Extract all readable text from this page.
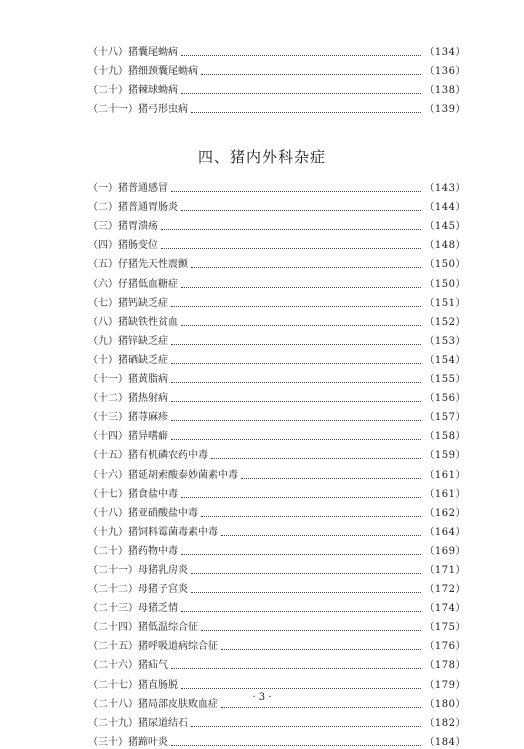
（十八） 猪囊尾蚴病	（134）
（十九） 猪细颈囊尾蚴病	（136）
（二十） 猪棘球蚴病	（138）
（二十一） 猪弓形虫病	（139）
四、猪内外科杂症
（一） 猪普通感冒	（143）
（二） 猪普通胃肠炎	（144）
（三） 猪胃溃疡	（145）
（四） 猪肠变位	（148）
（五） 仔猪先天性震颤	（150）
（六） 仔猪低血糖症	（150）
（七） 猪钙缺乏症	（151）
（八） 猪缺铁性贫血	（152）
（九） 猪锌缺乏症	（153）
（十） 猪硒缺乏症	（154）
（十一） 猪黄脂病	（155）
（十二） 猪热射病	（156）
（十三） 猪荨麻疹	（157）
（十四） 猪异嗜癖	（158）
（十五） 猪有机磷农药中毒	（159）
（十六） 猪延胡索酸泰妙菌素中毒	（161）
（十七） 猪食盐中毒	（161）
（十八） 猪亚硝酸盐中毒	（162）
（十九） 猪饲料霉菌毒素中毒	（164）
（二十） 猪药物中毒	（169）
（二十一） 母猪乳房炎	（171）
（二十二） 母猪子宫炎	（172）
（二十三） 母猪乏情	（174）
（二十四） 猪低温综合征	（175）
（二十五） 猪呼吸道病综合征	（176）
（二十六） 猪疝气	（178）
（二十七） 猪直肠脱	（179）
（二十八） 猪局部皮肤败血症	（180）
（二十九） 猪尿道结石	（182）
（三十） 猪蹄叶炎	（184）
· 3 ·
